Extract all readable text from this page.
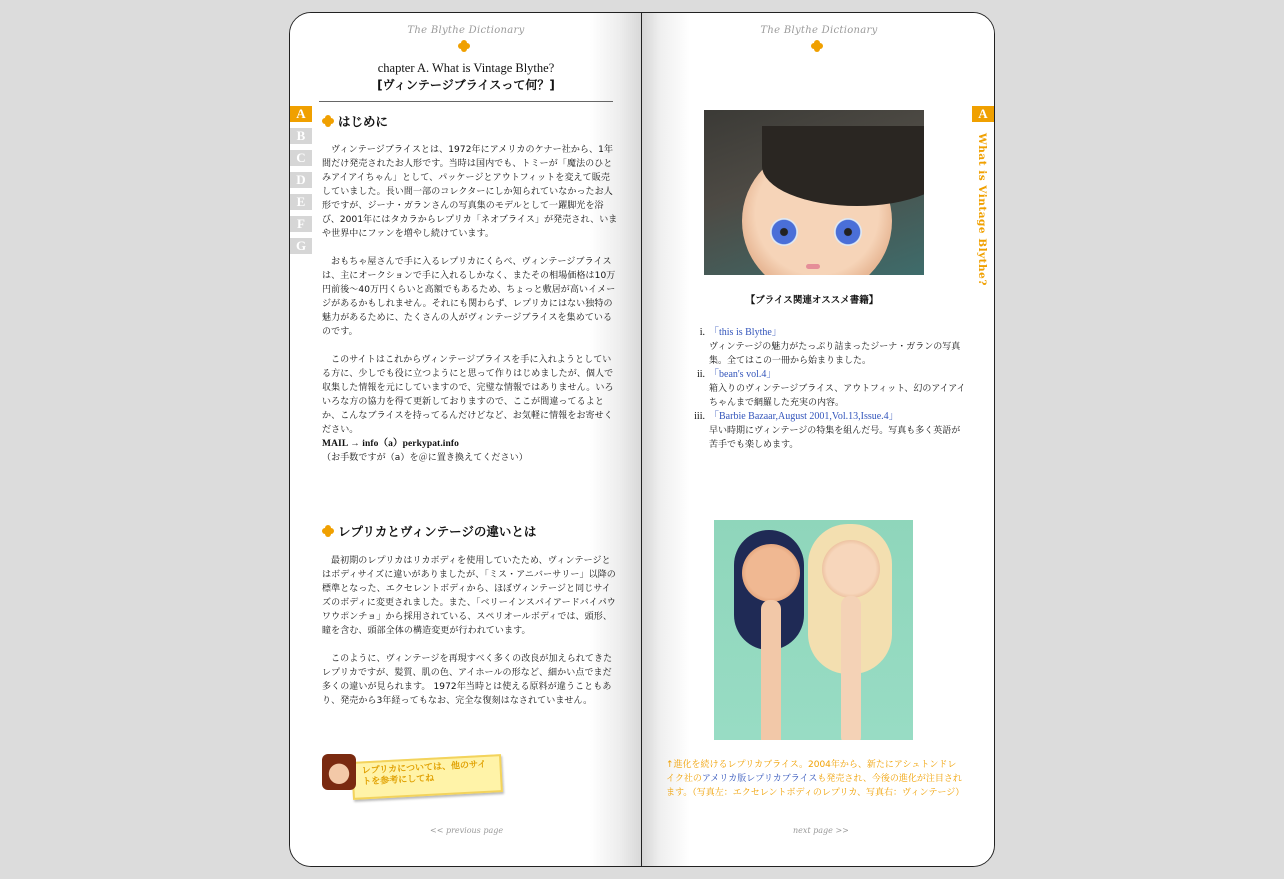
The Blythe Dictionary
chapter A. What is Vintage Blythe?
[ヴィンテージブライスって何？]
A
B
C
D
E
F
G
はじめに

ヴィンテージブライスとは、1972年にアメリカのケナー社から、1年間だけ発売されたお人形です。当時は国内でも、トミーが「魔法のひとみアイアイちゃん」として、パッケージとアウトフィットを変えて販売していました。長い間一部のコレクターにしか知られていなかったお人形ですが、ジーナ・ガランさんの写真集のモデルとして一躍脚光を浴び、2001年にはタカラからレプリカ「ネオブライス」が発売され、いまや世界中にファンを増やし続けています。

おもちゃ屋さんで手に入るレプリカにくらべ、ヴィンテージブライスは、主にオークションで手に入れるしかなく、またその相場価格は10万円前後～40万円くらいと高額でもあるため、ちょっと敷居が高いイメージがあるかもしれません。それにも関わらず、レプリカにはない独特の魅力があるために、たくさんの人がヴィンテージブライスを集めているのです。

このサイトはこれからヴィンテージブライスを手に入れようとしている方に、少しでも役に立つようにと思って作りはじめましたが、個人で収集した情報を元にしていますので、完璧な情報ではありません。いろいろな方の協力を得て更新しておりますので、ここが間違ってるよとか、こんなブライスを持ってるんだけどなど、お気軽に情報をお寄せください。

MAIL → info（a）perkypat.info
（お手数ですが（a）を＠に置き換えてください）
レプリカとヴィンテージの違いとは

最初期のレプリカはリカボディを使用していたため、ヴィンテージとはボディサイズに違いがありましたが、「ミス・アニバーサリー」以降の標準となった、エクセレントボディから、ほぼヴィンテージと同じサイズのボディに変更されました。また、「ベリーインスパイアードバイパウワウポンチョ」から採用されている、スペリオールボディでは、頭形、瞳を含む、頭部全体の構造変更が行われています。

このように、ヴィンテージを再現すべく多くの改良が加えられてきたレプリカですが、髪質、肌の色、アイホールの形など、細かい点でまだ多くの違いが見られます。 1972年当時とは使える原料が違うこともあり、発売から3年経ってもなお、完全な復刻はなされていません。

レプリカについては、他のサイトを参考にしてね
<< previous page
The Blythe Dictionary
A
What is Vintage Blythe?
【ブライス関連オススメ書籍】
i. 「this is Blythe」
ヴィンテージの魅力がたっぷり詰まったジーナ・ガランの写真集。全てはこの一冊から始まりました。
ii. 「bean's vol.4」
箱入りのヴィンテージブライス、アウトフィット、幻のアイアイちゃんまで網羅した充実の内容。
iii. 「Barbie Bazaar,August 2001,Vol.13,Issue.4」
早い時期にヴィンテージの特集を組んだ号。写真も多く英語が苦手でも楽しめます。
↑進化を続けるレプリカブライス。2004年から、新たにアシュトンドレイク社のアメリカ版レプリカブライスも発売され、今後の進化が注目されます。（写真左：エクセレントボディのレプリカ、写真右：ヴィンテージ）
next page >>
